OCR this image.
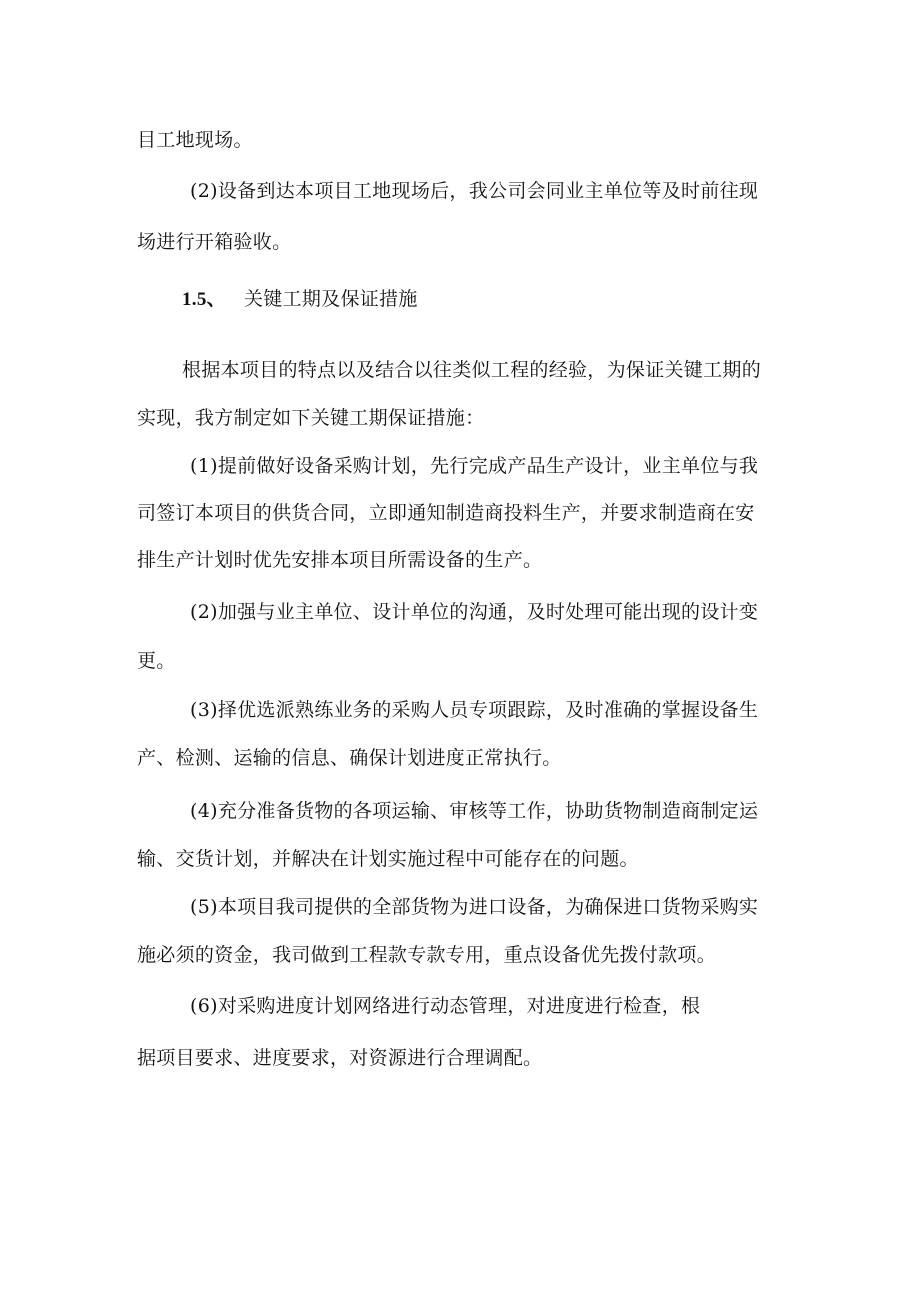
目工地现场。
(2)设备到达本项目工地现场后，我公司会同业主单位等及时前往现
场进行开箱验收。
1.5、 关键工期及保证措施
根据本项目的特点以及结合以往类似工程的经验，为保证关键工期的
实现，我方制定如下关键工期保证措施：
(1)提前做好设备采购计划，先行完成产品生产设计，业主单位与我
司签订本项目的供货合同，立即通知制造商投料生产，并要求制造商在安
排生产计划时优先安排本项目所需设备的生产。
(2)加强与业主单位、设计单位的沟通，及时处理可能出现的设计变
更。
(3)择优选派熟练业务的采购人员专项跟踪，及时准确的掌握设备生
产、检测、运输的信息、确保计划进度正常执行。
(4)充分准备货物的各项运输、审核等工作，协助货物制造商制定运
输、交货计划，并解决在计划实施过程中可能存在的问题。
(5)本项目我司提供的全部货物为进口设备，为确保进口货物采购实
施必须的资金，我司做到工程款专款专用，重点设备优先拨付款项。
(6)对采购进度计划网络进行动态管理，对进度进行检查，根
据项目要求、进度要求，对资源进行合理调配。
